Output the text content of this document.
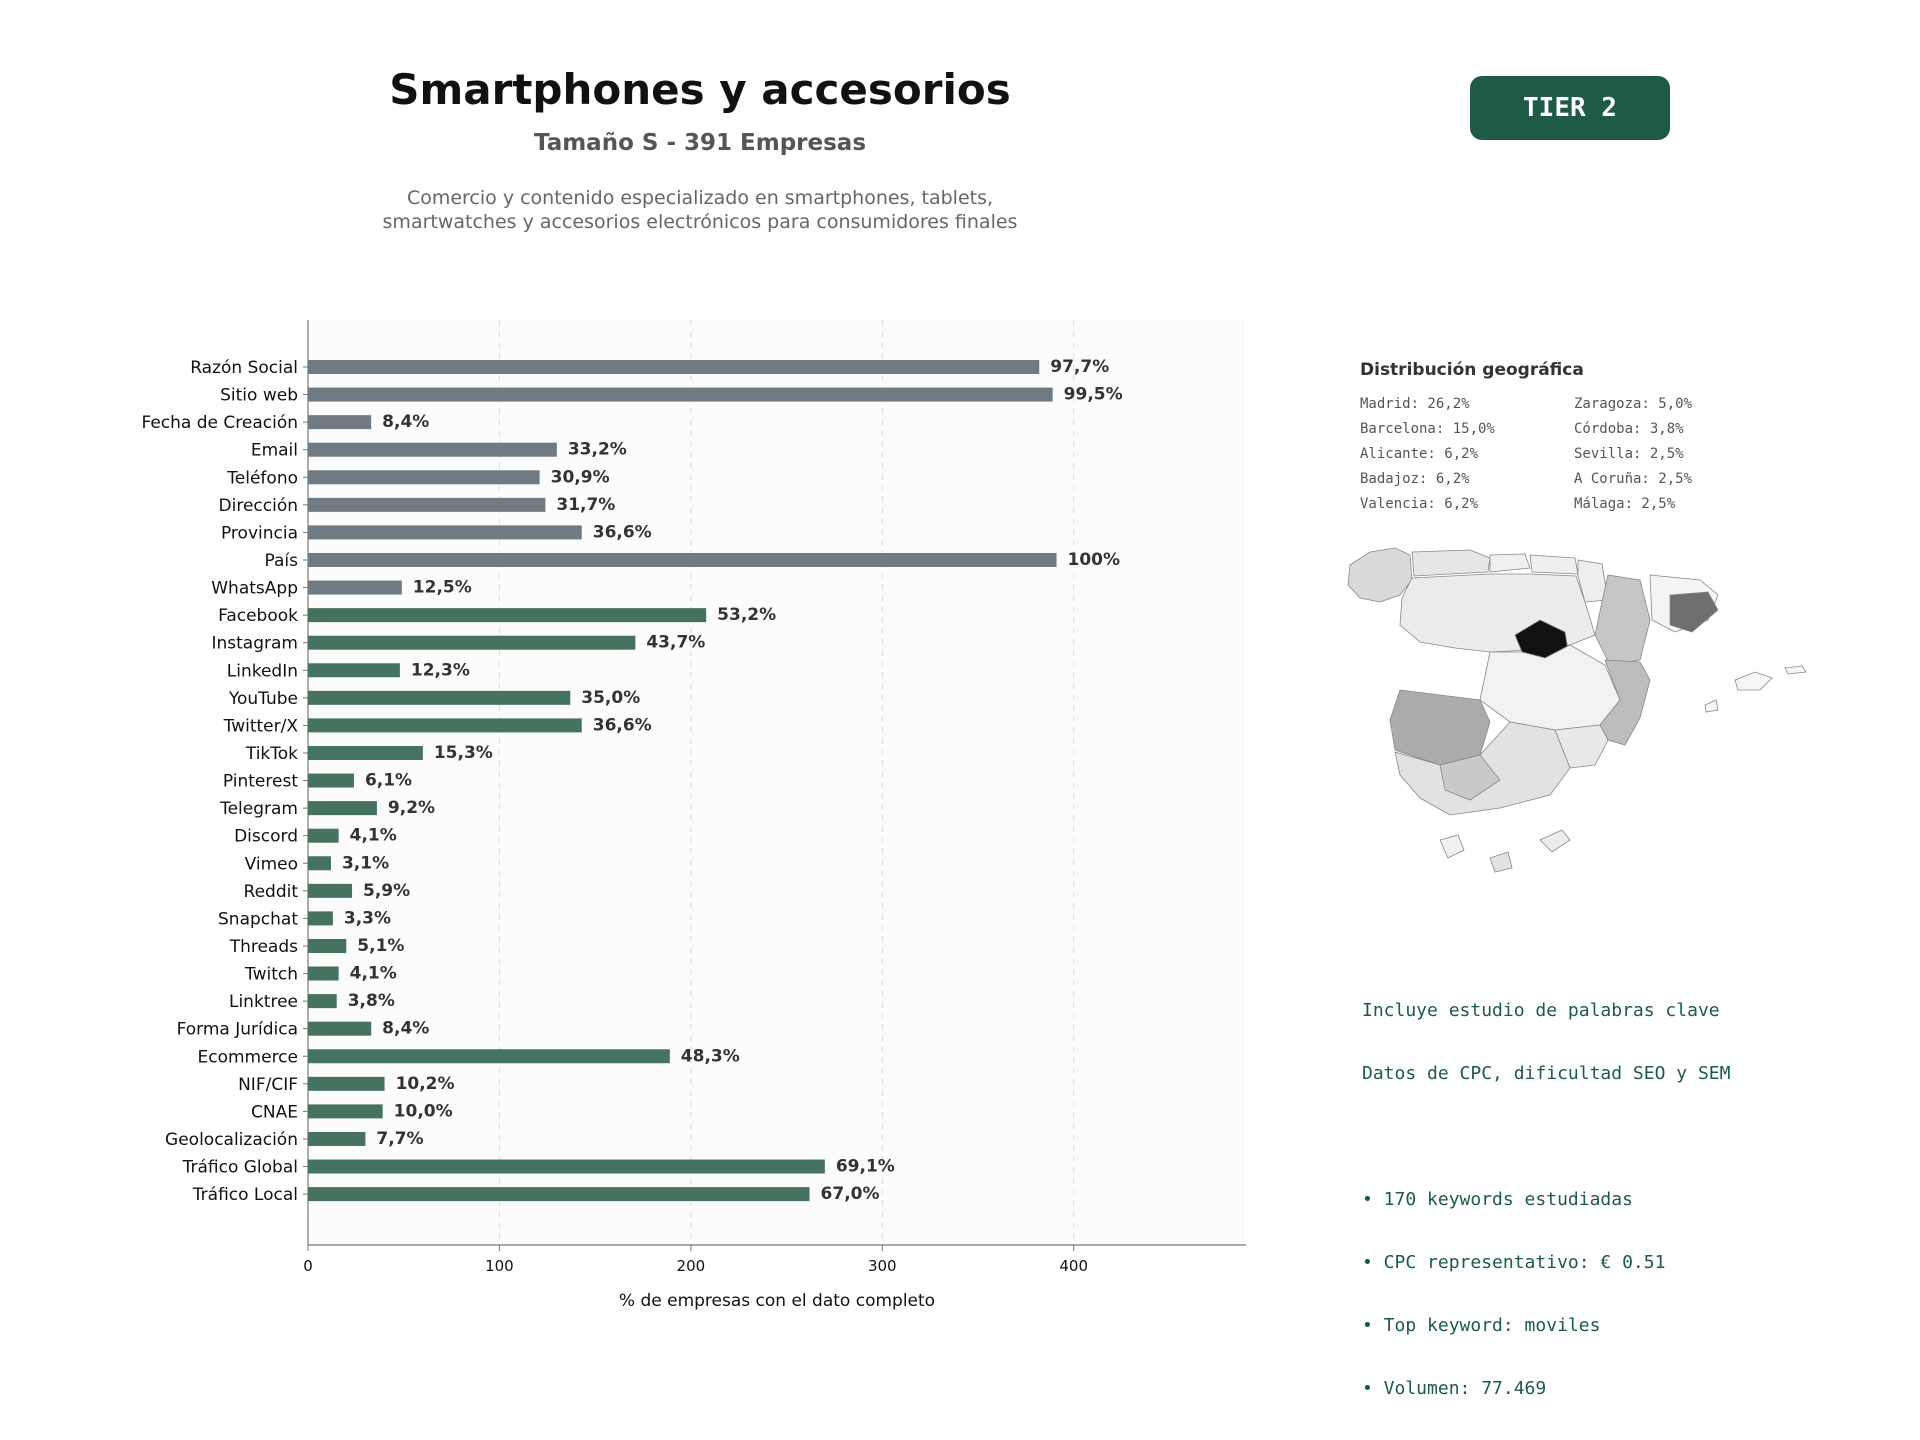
Smartphones y accesorios
Tamaño S - 391 Empresas
Comercio y contenido especializado en smartphones, tablets,
smartwatches y accesorios electrónicos para consumidores finales
TIER 2
Razón Social	97,7%
Sitio web	99,5%
Fecha de Creación	8,4%
Email	33,2%
Teléfono	30,9%
Dirección	31,7%
Provincia	36,6%
País	100%
WhatsApp	12,5%
Facebook	53,2%
Instagram	43,7%
LinkedIn	12,3%
YouTube	35,0%
Twitter/X	36,6%
TikTok	15,3%
Pinterest	6,1%
Telegram	9,2%
Discord	4,1%
Vimeo	3,1%
Reddit	5,9%
Snapchat	3,3%
Threads	5,1%
Twitch	4,1%
Linktree	3,8%
Forma Jurídica	8,4%
Ecommerce	48,3%
NIF/CIF	10,2%
CNAE	10,0%
Geolocalización	7,7%
Tráfico Global	69,1%
Tráfico Local	67,0%
0	100	200	300	400
% de empresas con el dato completo
Distribución geográfica
Madrid: 26,2%	Zaragoza: 5,0%
Barcelona: 15,0%	Córdoba: 3,8%
Alicante: 6,2%	Sevilla: 2,5%
Badajoz: 6,2%	A Coruña: 2,5%
Valencia: 6,2%	Málaga: 2,5%

Incluye estudio de palabras clave

Datos de CPC, dificultad SEO y SEM

• 170 keywords estudiadas

• CPC representativo: € 0.51

• Top keyword: moviles

• Volumen: 77.469
